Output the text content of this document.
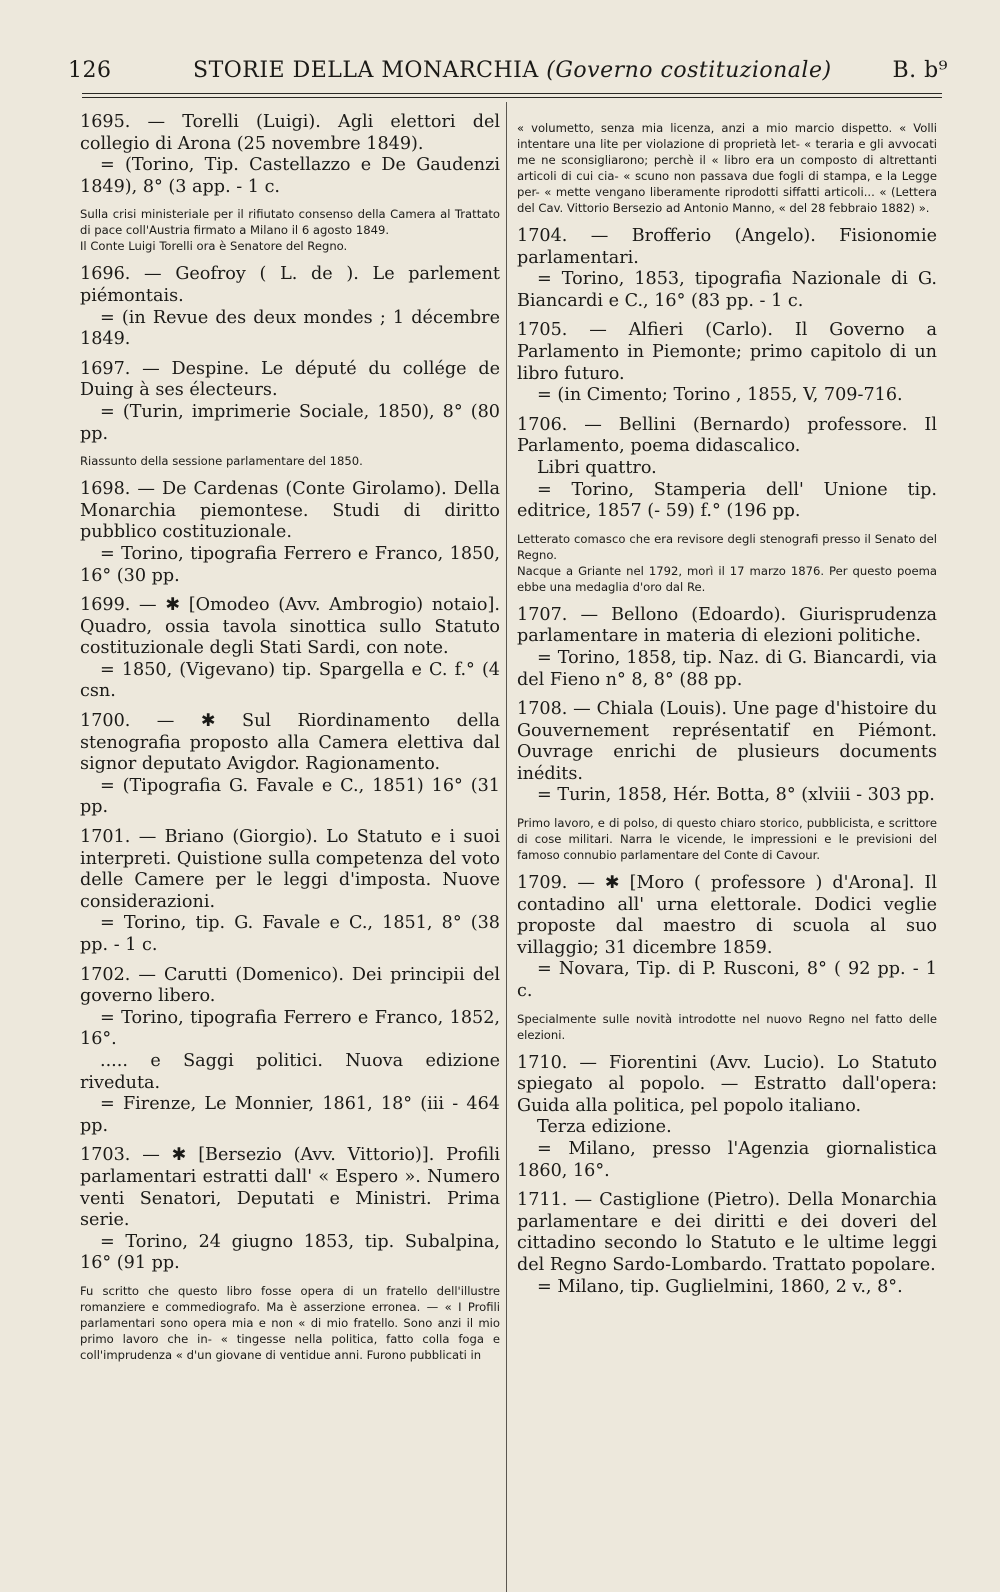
126	STORIE DELLA MONARCHIA (Governo costituzionale)	B. b⁹

1695. — Torelli (Luigi). Agli elettori del collegio di Arona (25 novembre 1849).

= (Torino, Tip. Castellazzo e De Gaudenzi 1849), 8° (3 app. - 1 c.

Sulla crisi ministeriale per il rifiutato consenso della Camera al Trattato di pace coll'Austria firmato a Milano il 6 agosto 1849.

Il Conte Luigi Torelli ora è Senatore del Regno.

1696. — Geofroy ( L. de ). Le parlement piémontais.

= (in Revue des deux mondes ; 1 décembre 1849.

1697. — Despine. Le député du collége de Duing à ses électeurs.

= (Turin, imprimerie Sociale, 1850), 8° (80 pp.

Riassunto della sessione parlamentare del 1850.

1698. — De Cardenas (Conte Girolamo). Della Monarchia piemontese. Studi di diritto pubblico costituzionale.

= Torino, tipografia Ferrero e Franco, 1850, 16° (30 pp.

1699. — ✱ [Omodeo (Avv. Ambrogio) notaio]. Quadro, ossia tavola sinottica sullo Statuto costituzionale degli Stati Sardi, con note.

= 1850, (Vigevano) tip. Spargella e C. f.° (4 csn.

1700. — ✱ Sul Riordinamento della stenografia proposto alla Camera elettiva dal signor deputato Avigdor. Ragionamento.

= (Tipografia G. Favale e C., 1851) 16° (31 pp.

1701. — Briano (Giorgio). Lo Statuto e i suoi interpreti. Quistione sulla competenza del voto delle Camere per le leggi d'imposta. Nuove considerazioni.

= Torino, tip. G. Favale e C., 1851, 8° (38 pp. - 1 c.

1702. — Carutti (Domenico). Dei principii del governo libero.

= Torino, tipografia Ferrero e Franco, 1852, 16°.

..... e Saggi politici. Nuova edizione riveduta.

= Firenze, Le Monnier, 1861, 18° (iii - 464 pp.

1703. — ✱ [Bersezio (Avv. Vittorio)]. Profili parlamentari estratti dall' « Espero ». Numero venti Senatori, Deputati e Ministri. Prima serie.

= Torino, 24 giugno 1853, tip. Subalpina, 16° (91 pp.

Fu scritto che questo libro fosse opera di un fratello dell'illustre romanziere e commediografo. Ma è asserzione erronea. — « I Profili parlamentari sono opera mia e non « di mio fratello. Sono anzi il mio primo lavoro che in- « tingesse nella politica, fatto colla foga e coll'imprudenza « d'un giovane di ventidue anni. Furono pubblicati in

« volumetto, senza mia licenza, anzi a mio marcio dispetto. « Volli intentare una lite per violazione di proprietà let- « teraria e gli avvocati me ne sconsigliarono; perchè il « libro era un composto di altrettanti articoli di cui cia- « scuno non passava due fogli di stampa, e la Legge per- « mette vengano liberamente riprodotti siffatti articoli... « (Lettera del Cav. Vittorio Bersezio ad Antonio Manno, « del 28 febbraio 1882) ».

1704. — Brofferio (Angelo). Fisionomie parlamentari.

= Torino, 1853, tipografia Nazionale di G. Biancardi e C., 16° (83 pp. - 1 c.

1705. — Alfieri (Carlo). Il Governo a Parlamento in Piemonte; primo capitolo di un libro futuro.

= (in Cimento; Torino , 1855, V, 709-716.

1706. — Bellini (Bernardo) professore. Il Parlamento, poema didascalico.

Libri quattro.

= Torino, Stamperia dell' Unione tip. editrice, 1857 (- 59) f.° (196 pp.

Letterato comasco che era revisore degli stenografi presso il Senato del Regno.

Nacque a Griante nel 1792, morì il 17 marzo 1876. Per questo poema ebbe una medaglia d'oro dal Re.

1707. — Bellono (Edoardo). Giurisprudenza parlamentare in materia di elezioni politiche.

= Torino, 1858, tip. Naz. di G. Biancardi, via del Fieno n° 8, 8° (88 pp.

1708. — Chiala (Louis). Une page d'histoire du Gouvernement représentatif en Piémont. Ouvrage enrichi de plusieurs documents inédits.

= Turin, 1858, Hér. Botta, 8° (xlviii - 303 pp.

Primo lavoro, e di polso, di questo chiaro storico, pubblicista, e scrittore di cose militari. Narra le vicende, le impressioni e le previsioni del famoso connubio parlamentare del Conte di Cavour.

1709. — ✱ [Moro ( professore ) d'Arona]. Il contadino all' urna elettorale. Dodici veglie proposte dal maestro di scuola al suo villaggio; 31 dicembre 1859.

= Novara, Tip. di P. Rusconi, 8° ( 92 pp. - 1 c.

Specialmente sulle novità introdotte nel nuovo Regno nel fatto delle elezioni.

1710. — Fiorentini (Avv. Lucio). Lo Statuto spiegato al popolo. — Estratto dall'opera: Guida alla politica, pel popolo italiano.

Terza edizione.

= Milano, presso l'Agenzia giornalistica 1860, 16°.

1711. — Castiglione (Pietro). Della Monarchia parlamentare e dei diritti e dei doveri del cittadino secondo lo Statuto e le ultime leggi del Regno Sardo-Lombardo. Trattato popolare.

= Milano, tip. Guglielmini, 1860, 2 v., 8°.
